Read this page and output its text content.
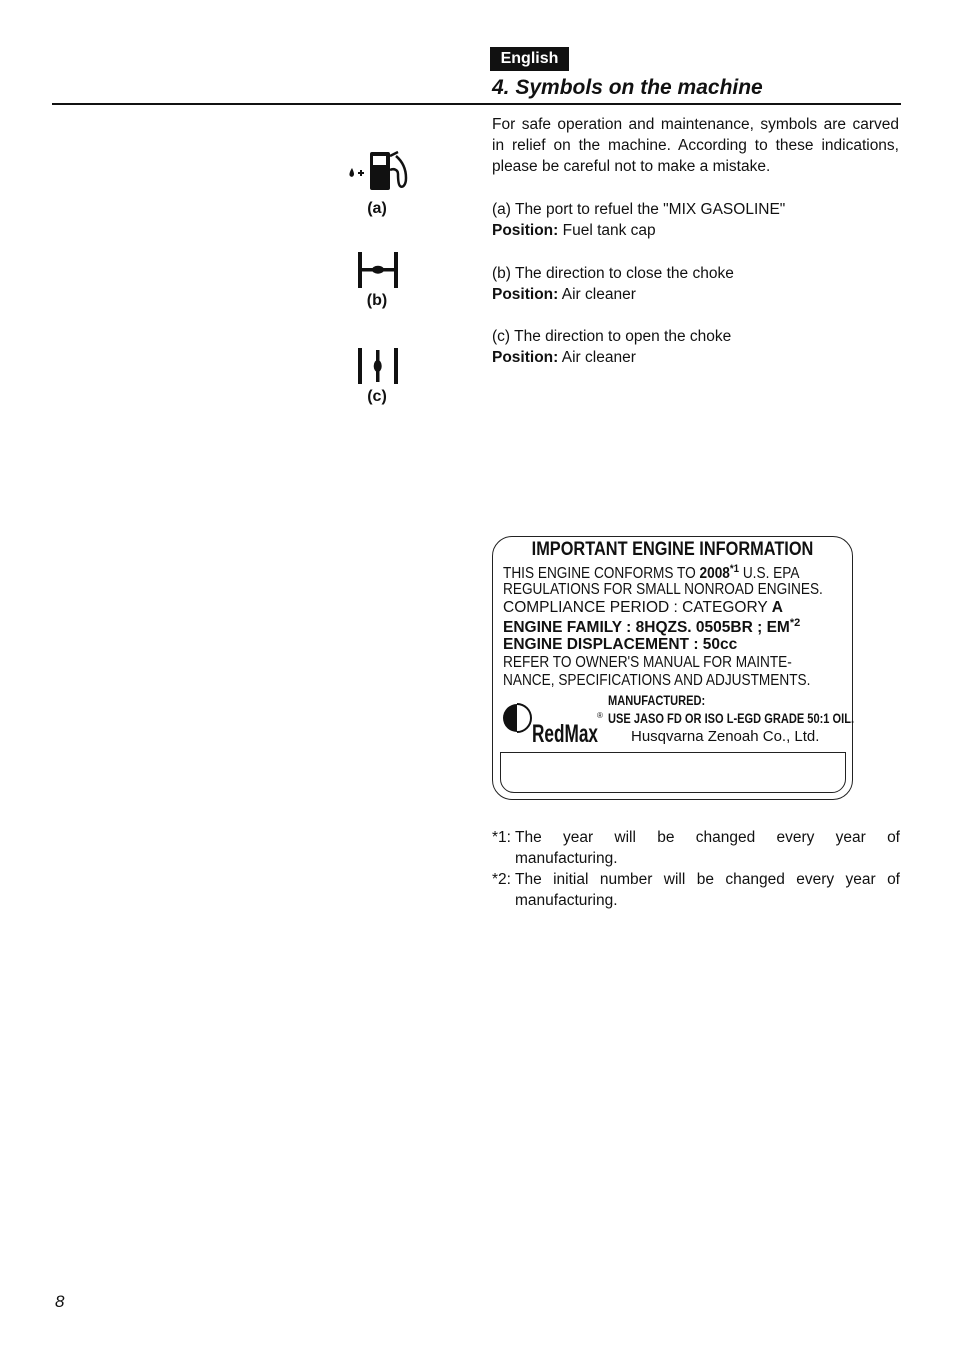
English
4. Symbols on the machine
For safe operation and maintenance, symbols are carved in relief on the machine. According to these indications, please be careful not to make a mistake.
(a)
(b)
(c)
(a) The port to refuel the "MIX GASOLINE"
Position: Fuel tank cap
(b) The direction to close the choke
Position: Air cleaner
(c) The direction to open the choke
Position: Air cleaner
IMPORTANT ENGINE INFORMATION
THIS ENGINE CONFORMS TO 2008$^{*1}$ U.S. EPA
REGULATIONS FOR SMALL NONROAD ENGINES.
COMPLIANCE PERIOD : CATEGORY A
ENGINE FAMILY : 8HQZS. 0505BR ; EM$^{*2}$
ENGINE DISPLACEMENT : 50cc
REFER TO OWNER'S MANUAL FOR MAINTE-
NANCE, SPECIFICATIONS AND ADJUSTMENTS.
RedMax
®
MANUFACTURED:
USE JASO FD OR ISO L-EGD GRADE 50:1 OIL.
Husqvarna Zenoah Co., Ltd.
*1: The year will be changed every year of
manufacturing.
*2: The initial number will be changed every year of
manufacturing.
8
